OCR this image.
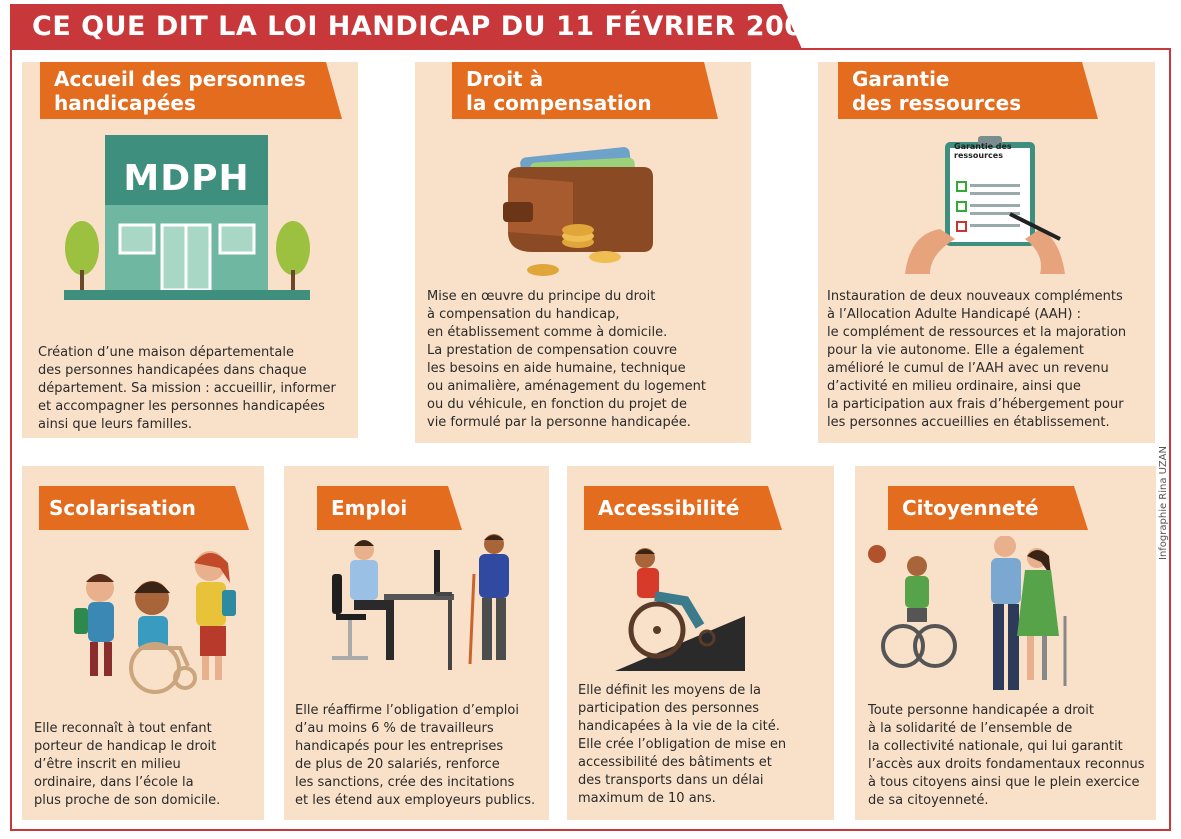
CE QUE DIT LA LOI HANDICAP DU 11 FÉVRIER 2005
Accueil des personnes
handicapées
MDPH

Création d’une maison départementale

des personnes handicapées dans chaque

département. Sa mission : accueillir, informer

et accompagner les personnes handicapées

ainsi que leurs familles.

Droit à
la compensation

Mise en œuvre du principe du droit

à compensation du handicap,

en établissement comme à domicile.

La prestation de compensation couvre

les besoins en aide humaine, technique

ou animalière, aménagement du logement

ou du véhicule, en fonction du projet de

vie formulé par la personne handicapée.

Garantie
des ressources
Garantie des ressources

Instauration de deux nouveaux compléments

à l’Allocation Adulte Handicapé (AAH) :

le complément de ressources et la majoration

pour la vie autonome. Elle a également

amélioré le cumul de l’AAH avec un revenu

d’activité en milieu ordinaire, ainsi que

la participation aux frais d’hébergement pour

les personnes accueillies en établissement.

Scolarisation

Elle reconnaît à tout enfant

porteur de handicap le droit

d’être inscrit en milieu

ordinaire, dans l’école la

plus proche de son domicile.

Emploi

Elle réaffirme l’obligation d’emploi

d’au moins 6 % de travailleurs

handicapés pour les entreprises

de plus de 20 salariés, renforce

les sanctions, crée des incitations

et les étend aux employeurs publics.

Accessibilité

Elle définit les moyens de la

participation des personnes

handicapées à la vie de la cité.

Elle crée l’obligation de mise en

accessibilité des bâtiments et

des transports dans un délai

maximum de 10 ans.

Citoyenneté

Toute personne handicapée a droit

à la solidarité de l’ensemble de

la collectivité nationale, qui lui garantit

l’accès aux droits fondamentaux reconnus

à tous citoyens ainsi que le plein exercice

de sa citoyenneté.

Infographie Rina UZAN
